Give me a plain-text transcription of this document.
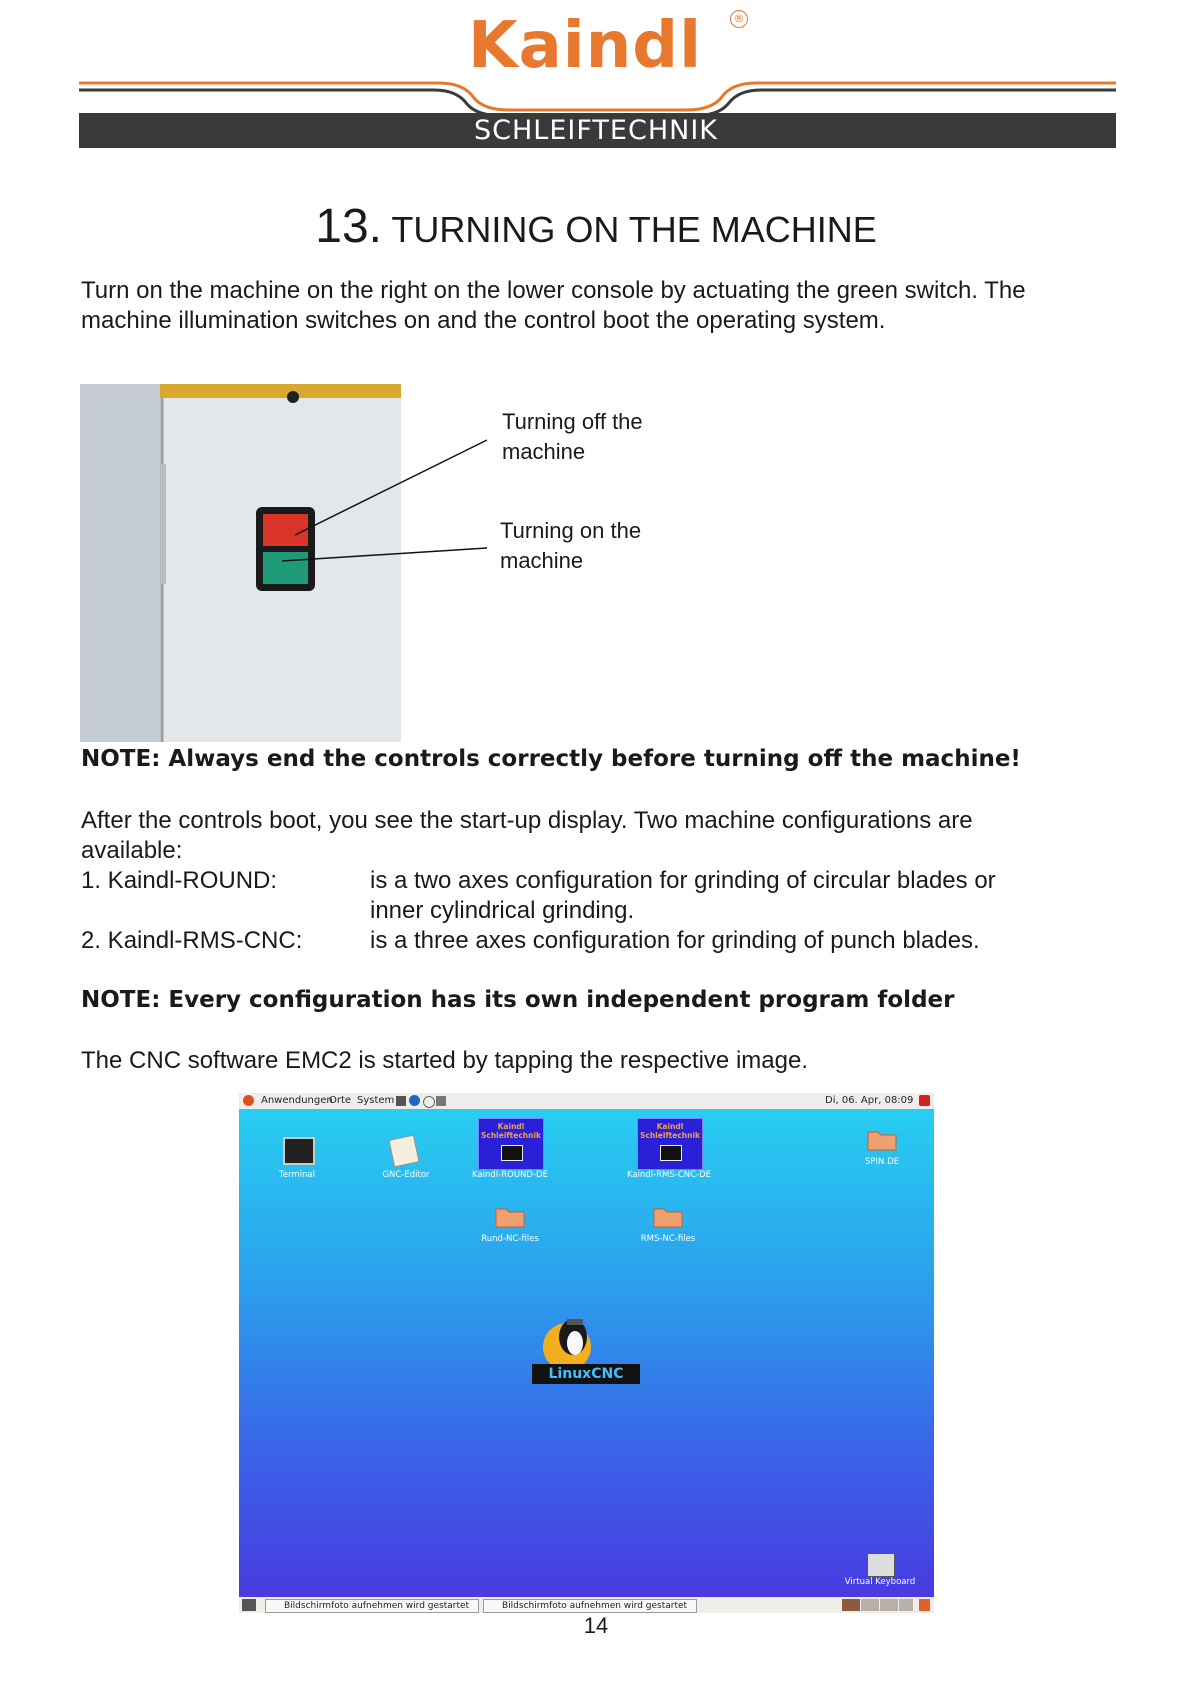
Kaindl	®
SCHLEIFTECHNIK
13. TURNING ON THE MACHINE
Turn on the machine on the right on the lower console by actuating the green switch. The
machine illumination switches on and the control boot the operating system.
Turning off the
machine
Turning on the
machine
NOTE: Always end the controls correctly before turning off the machine!
After the controls boot, you see the start-up display. Two machine configurations are
available:
1. Kaindl-ROUND:	is a two axes configuration for grinding of circular blades or
inner cylindrical grinding.
2. Kaindl-RMS-CNC:	is a three axes configuration for grinding of punch blades.
NOTE: Every configuration has its own independent program folder
The CNC software EMC2 is started by tapping the respective image.
Anwendungen
Orte System	Di, 06. Apr, 08:09
Terminal	GNC-Editor
Kaindl
Schleiftechnik
Kaindl-ROUND-DE
Kaindl
Schleiftechnik
Kaindl-RMS-CNC-DE
SPIN.DE
Rund-NC-files	RMS-NC-files
LinuxCNC
Virtual Keyboard
Bildschirmfoto aufnehmen wird gestartet	Bildschirmfoto aufnehmen wird gestartet
14
